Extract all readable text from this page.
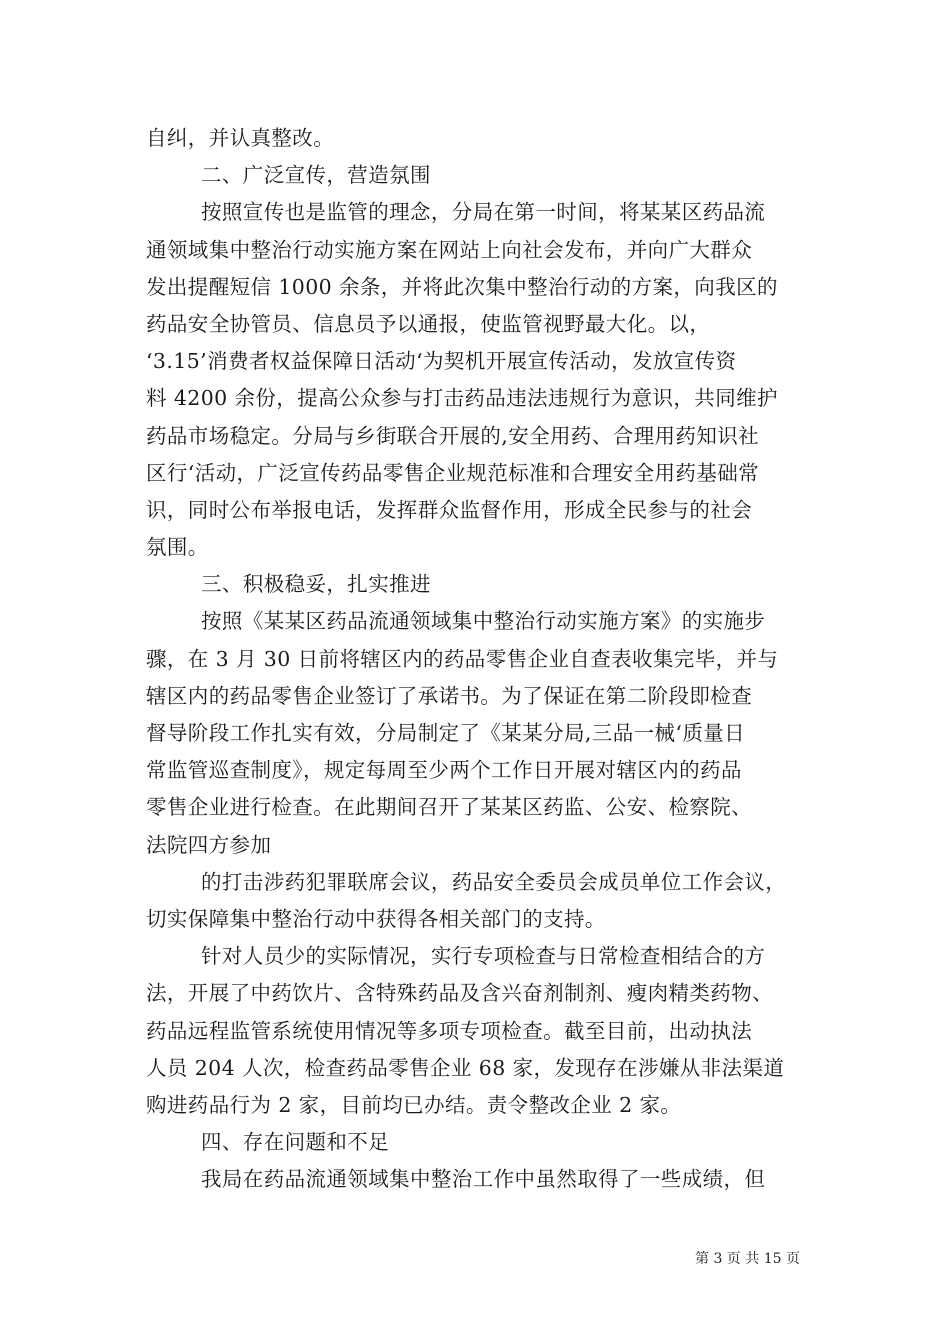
自纠，并认真整改。
二、广泛宣传，营造氛围
按照宣传也是监管的理念，分局在第一时间，将某某区药品流
通领域集中整治行动实施方案在网站上向社会发布，并向广大群众
发出提醒短信 1000 余条，并将此次集中整治行动的方案，向我区的
药品安全协管员、信息员予以通报，使监管视野最大化。以，
‘3.15’消费者权益保障日活动‘为契机开展宣传活动，发放宣传资
料 4200 余份，提高公众参与打击药品违法违规行为意识，共同维护
药品市场稳定。分局与乡街联合开展的,安全用药、合理用药知识社
区行‘活动，广泛宣传药品零售企业规范标准和合理安全用药基础常
识，同时公布举报电话，发挥群众监督作用，形成全民参与的社会
氛围。
三、积极稳妥，扎实推进
按照《某某区药品流通领域集中整治行动实施方案》的实施步
骤，在 3 月 30 日前将辖区内的药品零售企业自查表收集完毕，并与
辖区内的药品零售企业签订了承诺书。为了保证在第二阶段即检查
督导阶段工作扎实有效，分局制定了《某某分局,三品一械‘质量日
常监管巡查制度》，规定每周至少两个工作日开展对辖区内的药品
零售企业进行检查。在此期间召开了某某区药监、公安、检察院、
法院四方参加
的打击涉药犯罪联席会议，药品安全委员会成员单位工作会议，
切实保障集中整治行动中获得各相关部门的支持。
针对人员少的实际情况，实行专项检查与日常检查相结合的方
法，开展了中药饮片、含特殊药品及含兴奋剂制剂、瘦肉精类药物、
药品远程监管系统使用情况等多项专项检查。截至目前，出动执法
人员 204 人次，检查药品零售企业 68 家，发现存在涉嫌从非法渠道
购进药品行为 2 家，目前均已办结。责令整改企业 2 家。
四、存在问题和不足
我局在药品流通领域集中整治工作中虽然取得了一些成绩，但
第 3 页 共 15 页
